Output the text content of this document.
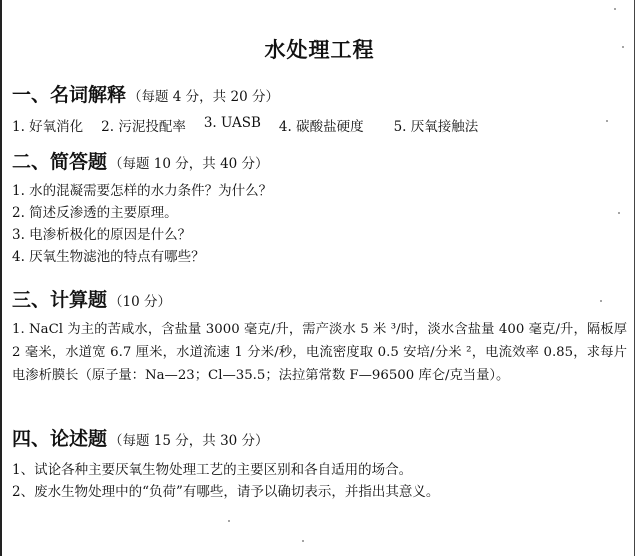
水处理工程
一、名词解释 （每题 4 分，共 20 分）
1. 好氧消化 2. 污泥投配率 3. UASB 4. 碳酸盐硬度 5. 厌氧接触法
二、简答题 （每题 10 分，共 40 分）

1. 水的混凝需要怎样的水力条件？为什么？

2. 简述反渗透的主要原理。

3. 电渗析极化的原因是什么？

4. 厌氧生物滤池的特点有哪些？

三、计算题 （10 分）

1. NaCl 为主的苦咸水，含盐量 3000 毫克/升，需产淡水 5 米 ³/时，淡水含盐量 400 毫克/升，隔板厚 2 毫米，水道宽 6.7 厘米，水道流速 1 分米/秒，电流密度取 0.5 安培/分米 ²，电流效率 0.85，求每片电渗析膜长（原子量：Na—23；Cl—35.5；法拉第常数 F—96500 库仑/克当量）。

四、论述题 （每题 15 分，共 30 分）

1、试论各种主要厌氧生物处理工艺的主要区别和各自适用的场合。

2、废水生物处理中的“负荷”有哪些，请予以确切表示，并指出其意义。
